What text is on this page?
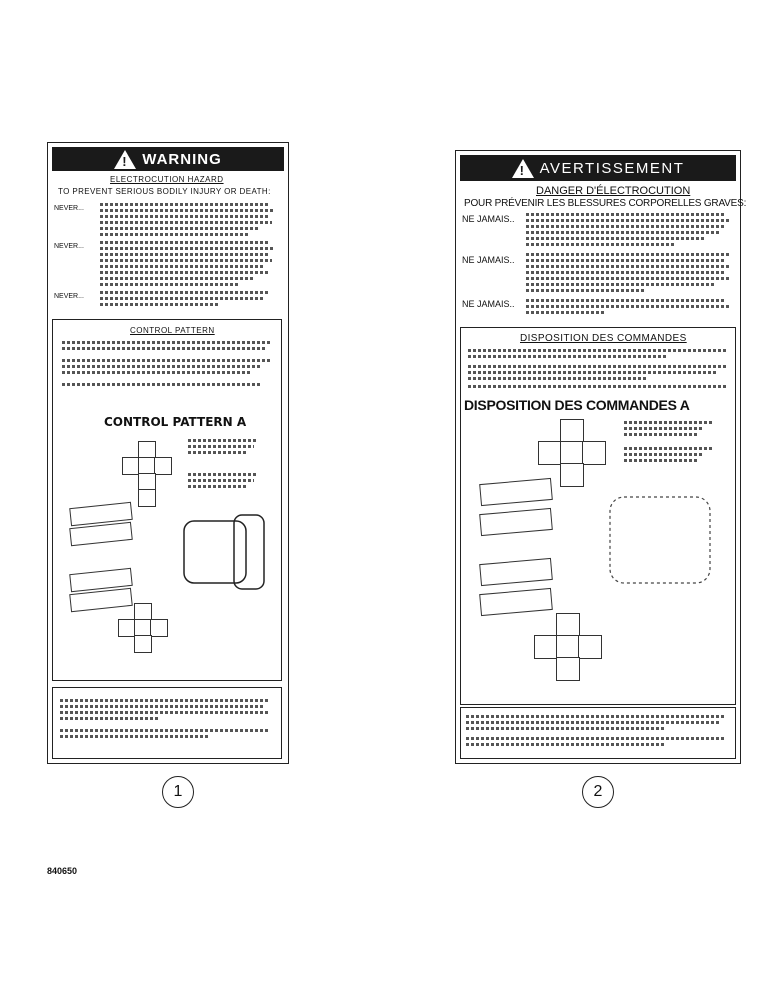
!
WARNING
ELECTROCUTION HAZARD
TO PREVENT SERIOUS BODILY INJURY OR DEATH:
NEVER...
NEVER...
NEVER...
CONTROL PATTERN
CONTROL PATTERN A
!
AVERTISSEMENT
DANGER D'ÉLECTROCUTION
POUR PRÉVENIR LES BLESSURES CORPORELLES GRAVES:
NE JAMAIS..
NE JAMAIS..
NE JAMAIS..
DISPOSITION DES COMMANDES
DISPOSITION DES COMMANDES A
1	2
840650
